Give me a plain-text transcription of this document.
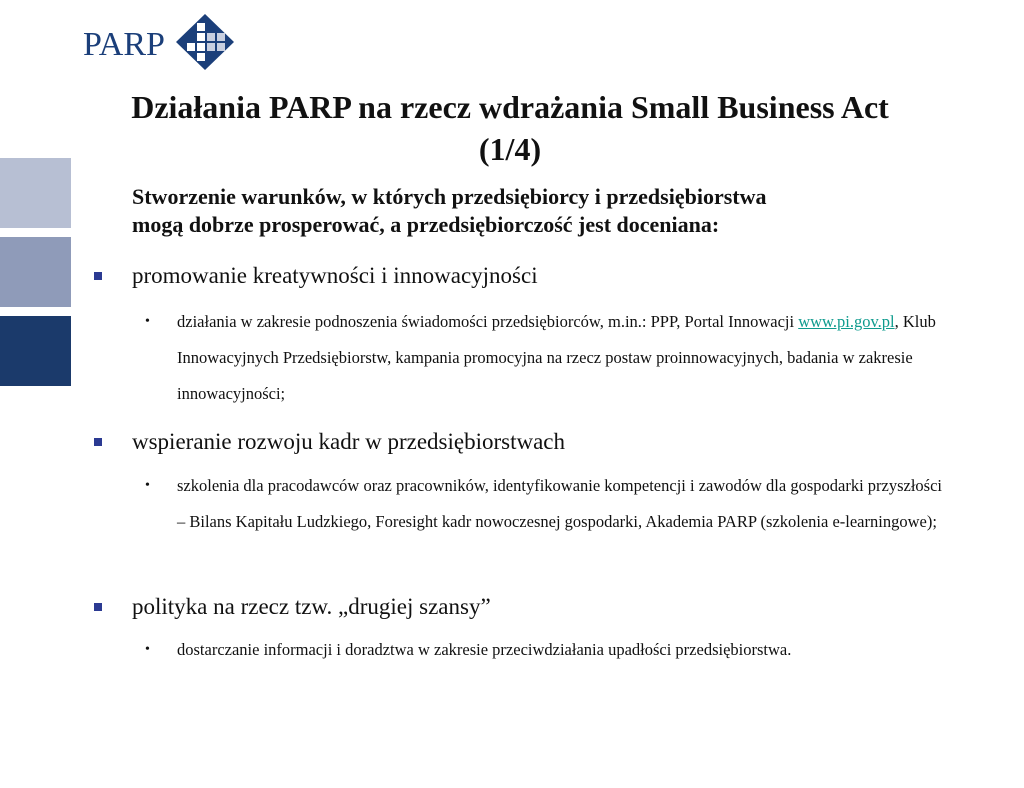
PARP
Działania PARP na rzecz wdrażania Small Business Act
(1/4)

Stworzenie warunków, w których przedsiębiorcy i przedsiębiorstwa
mogą dobrze prosperować, a przedsiębiorczość jest doceniana:

promowanie kreatywności i innowacyjności
• działania w zakresie podnoszenia świadomości przedsiębiorców, m.in.: PPP, Portal Innowacji www.pi.gov.pl, Klub Innowacyjnych Przedsiębiorstw, kampania promocyjna na rzecz postaw proinnowacyjnych, badania w zakresie innowacyjności;
wspieranie rozwoju kadr w przedsiębiorstwach
• szkolenia dla pracodawców oraz pracowników, identyfikowanie kompetencji i zawodów dla gospodarki przyszłości – Bilans Kapitału Ludzkiego, Foresight kadr nowoczesnej gospodarki, Akademia PARP (szkolenia e-learningowe);
polityka na rzecz tzw. „drugiej szansy”
• dostarczanie informacji i doradztwa w zakresie przeciwdziałania upadłości przedsiębiorstwa.
